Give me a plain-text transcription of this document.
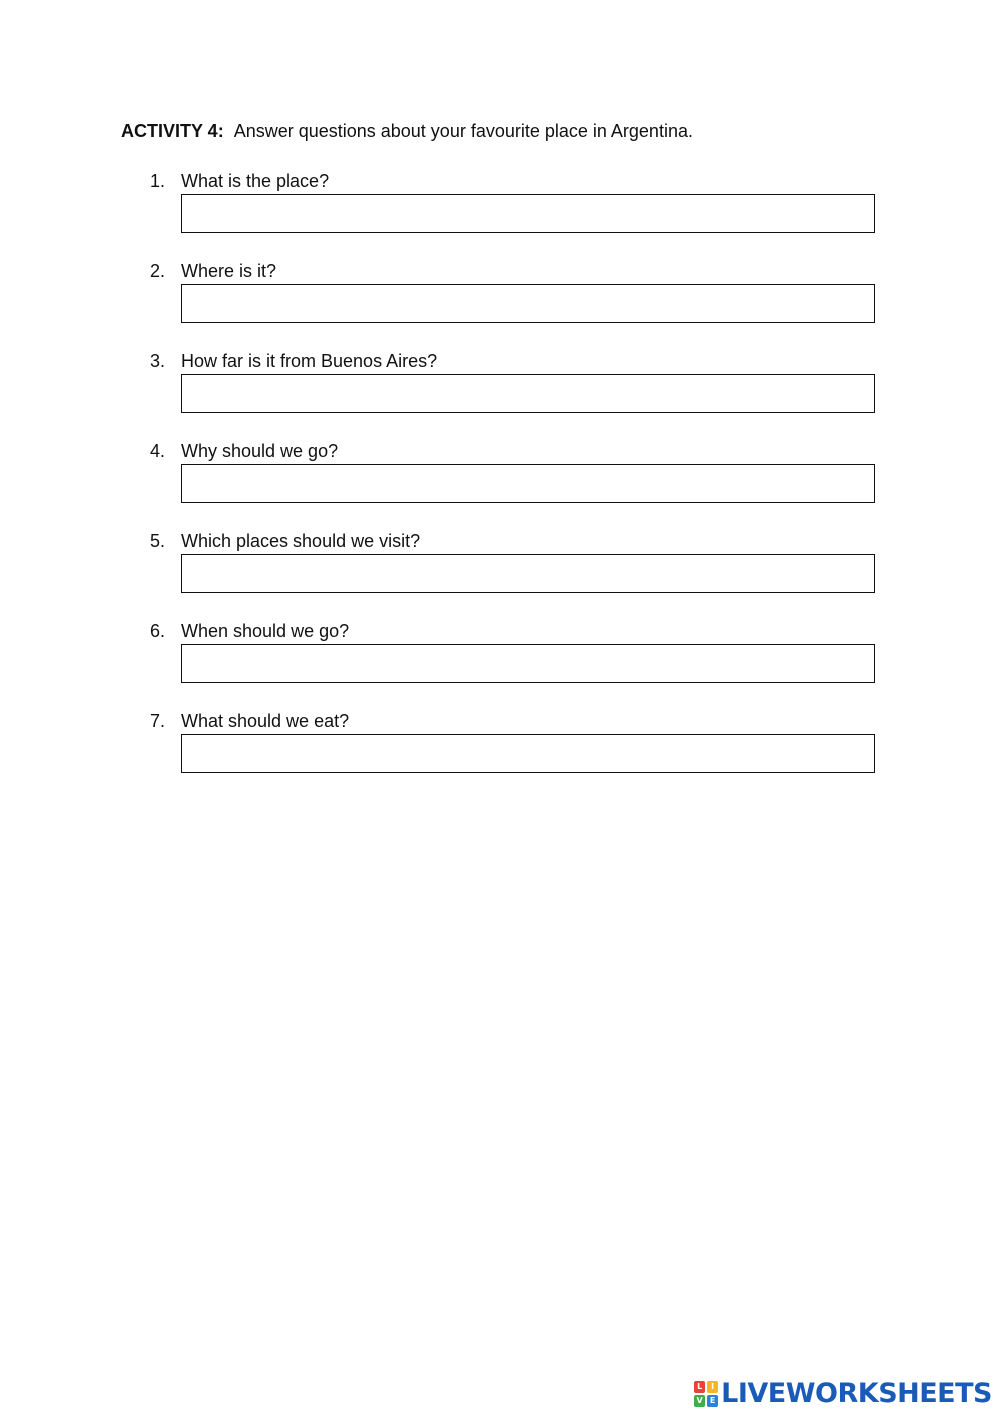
ACTIVITY 4: Answer questions about your favourite place in Argentina.
1. What is the place?
2. Where is it?
3. How far is it from Buenos Aires?
4. Why should we go?
5. Which places should we visit?
6. When should we go?
7. What should we eat?
L	I
V E LIVEWORKSHEETS
